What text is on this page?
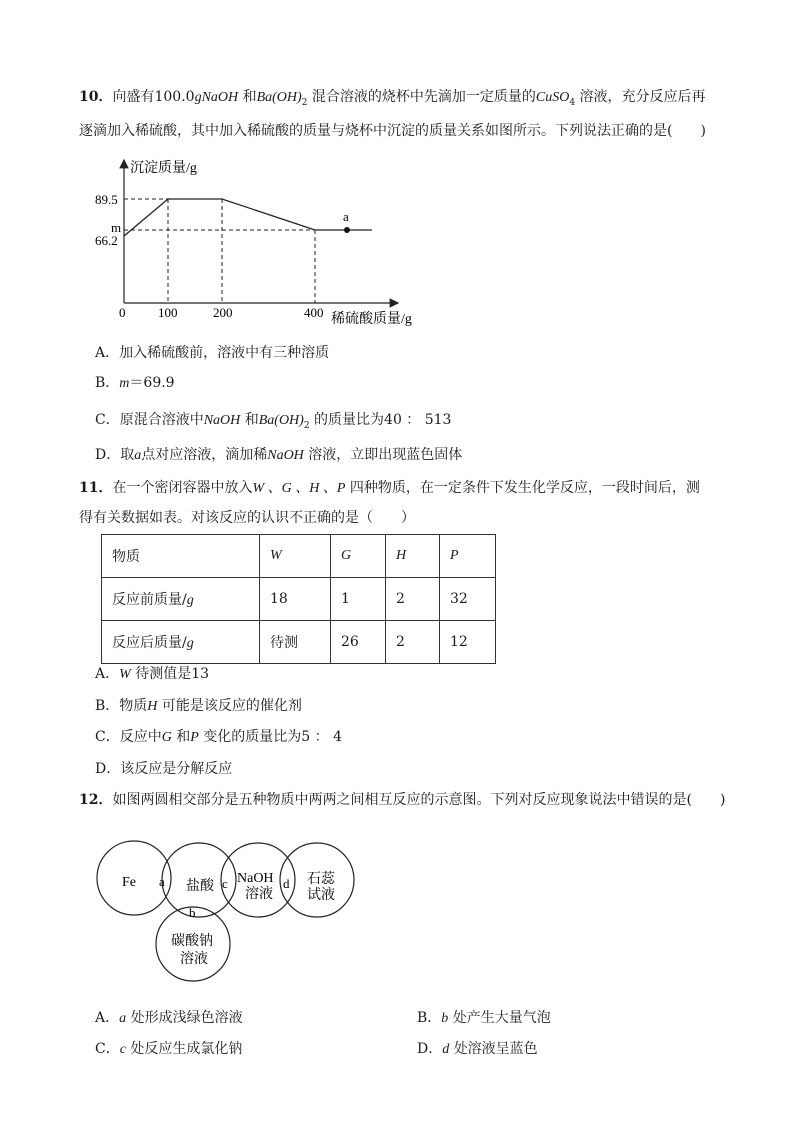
10．向盛有100.0gNaOH 和$Ba(OH)_2$ 混合溶液的烧杯中先滴加一定质量的CuSO$_4$ 溶液，充分反应后再
逐滴加入稀硫酸，其中加入稀硫酸的质量与烧杯中沉淀的质量关系如图所示。下列说法正确的是(　　)
a
沉淀质量/g
稀硫酸质量/g
89.5
m
66.2
0	100	200	400
Fe	盐酸
NaOH
溶液
石蕊
试液
碳酸钠
溶液
a
b
c	d
A．加入稀硫酸前，溶液中有三种溶质
B．m＝69.9
C．原混合溶液中NaOH 和$Ba(OH)_2$ 的质量比为40 ： 513
D．取a点对应溶液，滴加稀NaOH 溶液，立即出现蓝色固体
11．在一个密闭容器中放入W 、G 、H 、P 四种物质，在一定条件下发生化学反应，一段时间后，测
得有关数据如表。对该反应的认识不正确的是（　　）
物质	W	G	H	P
反应前质量/g	18	1	2	32
反应后质量/g	待测	26	2	12
A．W 待测值是13
B．物质H 可能是该反应的催化剂
C．反应中G 和P 变化的质量比为5 ： 4
D．该反应是分解反应
12．如图两圆相交部分是五种物质中两两之间相互反应的示意图。下列对反应现象说法中错误的是(　　)
A．a 处形成浅绿色溶液	B．b 处产生大量气泡
C．c 处反应生成氯化钠	D．d 处溶液呈蓝色
